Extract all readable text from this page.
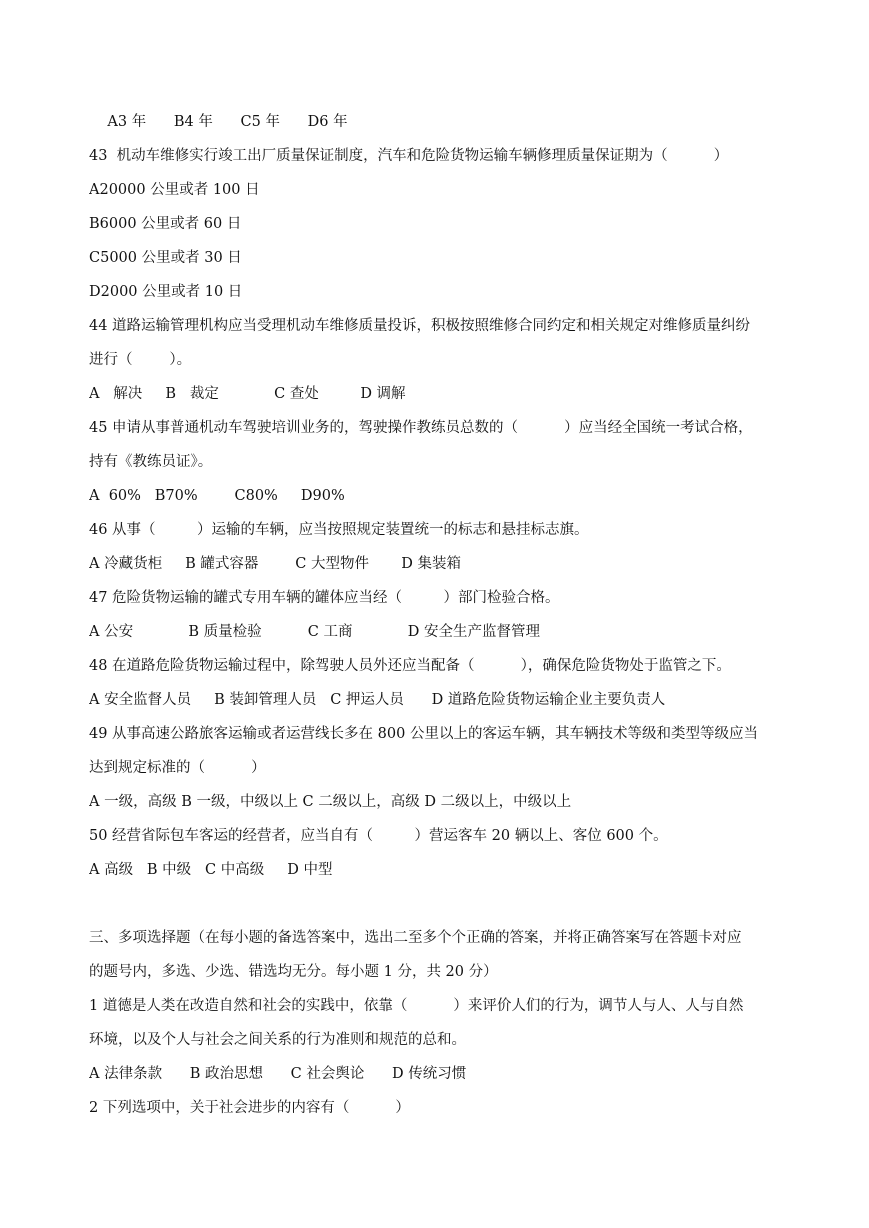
A3 年      B4 年      C5 年      D6 年
43  机动车维修实行竣工出厂质量保证制度，汽车和危险货物运输车辆修理质量保证期为（          ）
A20000 公里或者 100 日
B6000 公里或者 60 日
C5000 公里或者 30 日
D2000 公里或者 10 日
44 道路运输管理机构应当受理机动车维修质量投诉，积极按照维修合同约定和相关规定对维修质量纠纷
进行（        ）。
A   解决     B   裁定            C 查处         D 调解
45 申请从事普通机动车驾驶培训业务的，驾驶操作教练员总数的（          ）应当经全国统一考试合格，
持有《教练员证》。
A  60%   B70%        C80%     D90%
46 从事（         ）运输的车辆，应当按照规定装置统一的标志和悬挂标志旗。
A 冷藏货柜     B 罐式容器        C 大型物件       D 集装箱
47 危险货物运输的罐式专用车辆的罐体应当经（         ）部门检验合格。
A 公安            B 质量检验          C 工商            D 安全生产监督管理
48 在道路危险货物运输过程中，除驾驶人员外还应当配备（          ），确保危险货物处于监管之下。
A 安全监督人员     B 装卸管理人员   C 押运人员      D 道路危险货物运输企业主要负责人
49 从事高速公路旅客运输或者运营线长多在 800 公里以上的客运车辆，其车辆技术等级和类型等级应当
达到规定标准的（          ）
A 一级，高级 B 一级，中级以上 C 二级以上，高级 D 二级以上，中级以上
50 经营省际包车客运的经营者，应当自有（         ）营运客车 20 辆以上、客位 600 个。
A 高级   B 中级   C 中高级     D 中型
三、多项选择题（在每小题的备选答案中，选出二至多个个正确的答案，并将正确答案写在答题卡对应
的题号内，多选、少选、错选均无分。每小题 1 分，共 20 分）
1 道德是人类在改造自然和社会的实践中，依靠（          ）来评价人们的行为，调节人与人、人与自然
环境，以及个人与社会之间关系的行为准则和规范的总和。
A 法律条款      B 政治思想      C 社会舆论      D 传统习惯
2 下列选项中，关于社会进步的内容有（          ）
